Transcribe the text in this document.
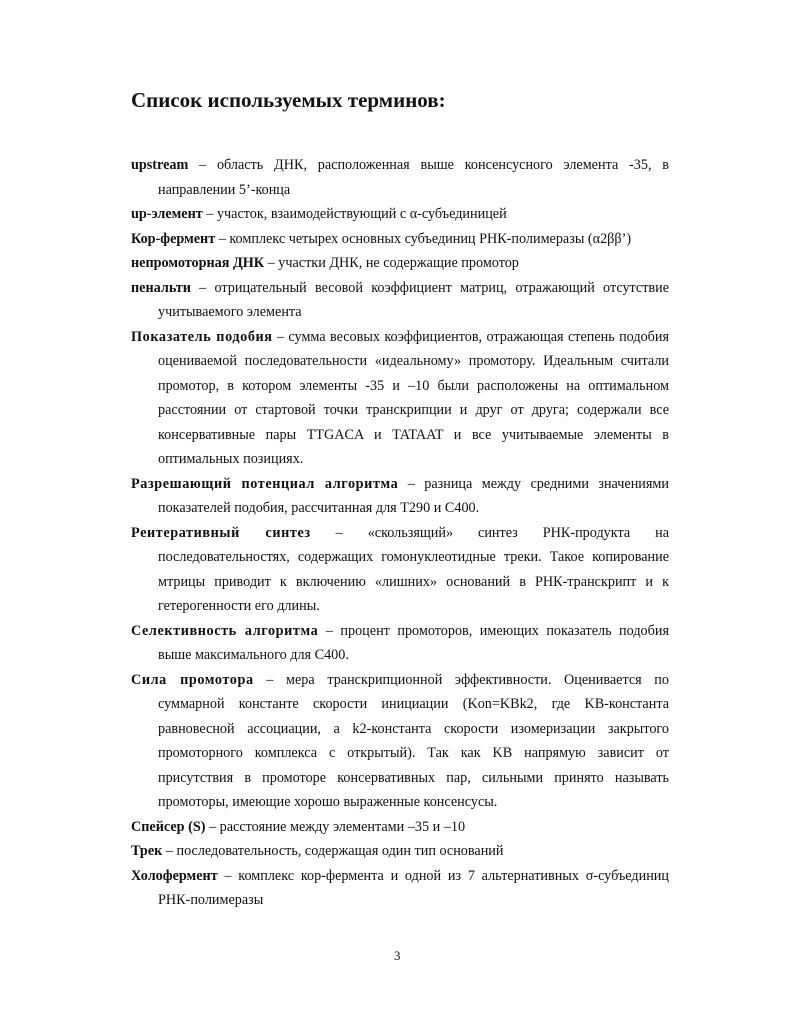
Список используемых терминов:

upstream – область ДНК, расположенная выше консенсусного элемента -35, в направлении 5’-конца

up-элемент – участок, взаимодействующий с α-субъединицей

Кор-фермент – комплекс четырех основных субъединиц РНК-полимеразы (α2ββ’)

непромоторная ДНК – участки ДНК, не содержащие промотор

пенальти – отрицательный весовой коэффициент матриц, отражающий отсутствие учитываемого элемента

Показатель подобия – сумма весовых коэффициентов, отражающая степень подобия оцениваемой последовательности «идеальному» промотору. Идеальным считали промотор, в котором элементы -35 и –10 были расположены на оптимальном расстоянии от стартовой точки транскрипции и друг от друга; содержали все консервативные пары TTGACA и TATAAT и все учитываемые элементы в оптимальных позициях.

Разрешающий потенциал алгоритма – разница между средними значениями показателей подобия, рассчитанная для T290 и C400.

Реитеративный синтез – «скользящий» синтез РНК-продукта на последовательностях, содержащих гомонуклеотидные треки. Такое копирование мтрицы приводит к включению «лишних» оснований в РНК-транскрипт и к гетерогенности его длины.

Селективность алгоритма – процент промоторов, имеющих показатель подобия выше максимального для C400.

Сила промотора – мера транскрипционной эффективности. Оценивается по суммарной константе скорости инициации (Kon=KBk2, где KB-константа равновесной ассоциации, а k2-константа скорости изомеризации закрытого промоторного комплекса с открытый). Так как KB напрямую зависит от присутствия в промоторе консервативных пар, сильными принято называть промоторы, имеющие хорошо выраженные консенсусы.

Спейсер (S) – расстояние между элементами –35 и –10

Трек – последовательность, содержащая один тип оснований

Холофермент – комплекс кор-фермента и одной из 7 альтернативных σ-субъединиц РНК-полимеразы

3
